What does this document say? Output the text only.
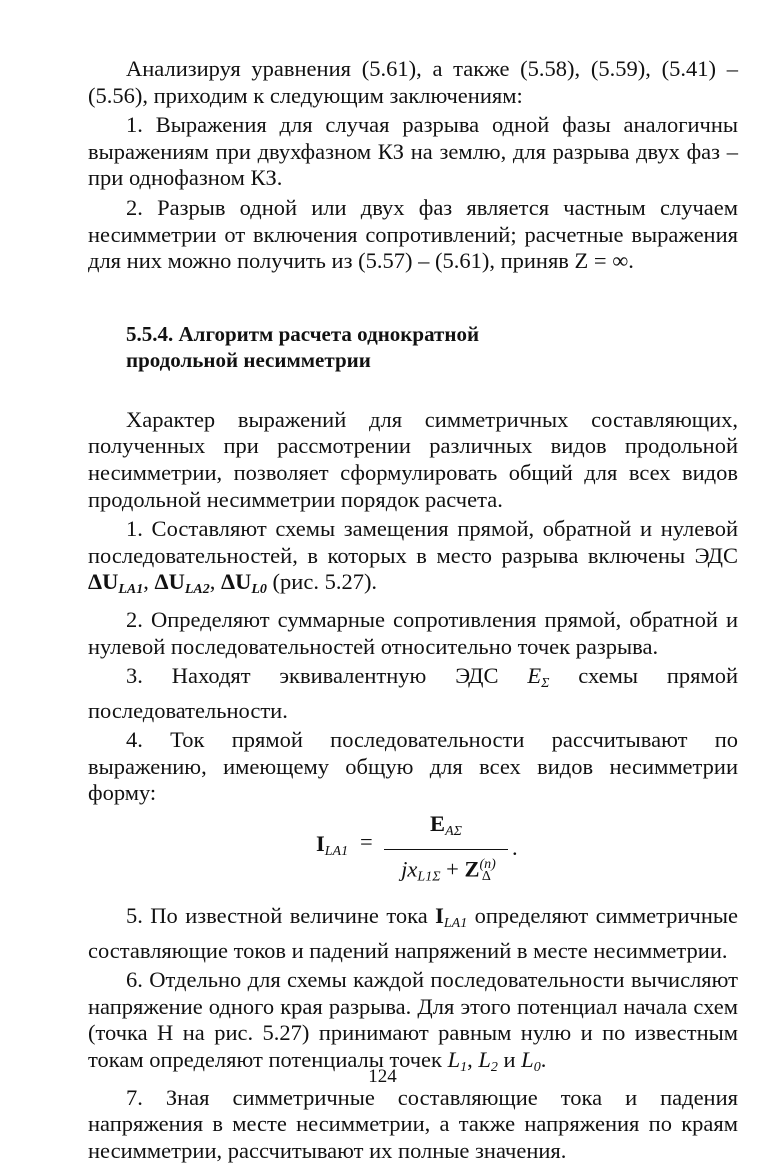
Анализируя уравнения (5.61), а также (5.58), (5.59), (5.41) – (5.56), приходим к следующим заключениям:

1. Выражения для случая разрыва одной фазы аналогичны выражениям при двухфазном КЗ на землю, для разрыва двух фаз – при однофазном КЗ.

2. Разрыв одной или двух фаз является частным случаем несимметрии от включения сопротивлений; расчетные выражения для них можно получить из (5.57) – (5.61), приняв Z = ∞.

5.5.4. Алгоритм расчета однократной
продольной несимметрии

Характер выражений для симметричных составляющих, полученных при рассмотрении различных видов продольной несимметрии, позволяет сформулировать общий для всех видов продольной несимметрии порядок расчета.

1. Составляют схемы замещения прямой, обратной и нулевой последовательностей, в которых в место разрыва включены ЭДС $\Delta U_{LA1}$, $\Delta U_{LA2}$, $\Delta U_{L0}$ (рис. 5.27).

2. Определяют суммарные сопротивления прямой, обратной и нулевой последовательностей относительно точек разрыва.

3. Находят эквивалентную ЭДС $E_\Sigma$ схемы прямой последовательности.

4. Ток прямой последовательности рассчитывают по выражению, имеющему общую для всех видов несимметрии форму:

$I_{LA1}$ =
$E_{A\Sigma}$
$jx_{L1\Sigma} + Z^{(n)}_\Delta$
.

5. По известной величине тока $I_{LA1}$ определяют симметричные составляющие токов и падений напряжений в месте несимметрии.

6. Отдельно для схемы каждой последовательности вычисляют напряжение одного края разрыва. Для этого потенциал начала схем (точка Н на рис. 5.27) принимают равным нулю и по известным токам определяют потенциалы точек $L_1$, $L_2$ и $L_0$.

7. Зная симметричные составляющие тока и падения напряжения в месте несимметрии, а также напряжения по краям несимметрии, рассчитывают их полные значения.

124
